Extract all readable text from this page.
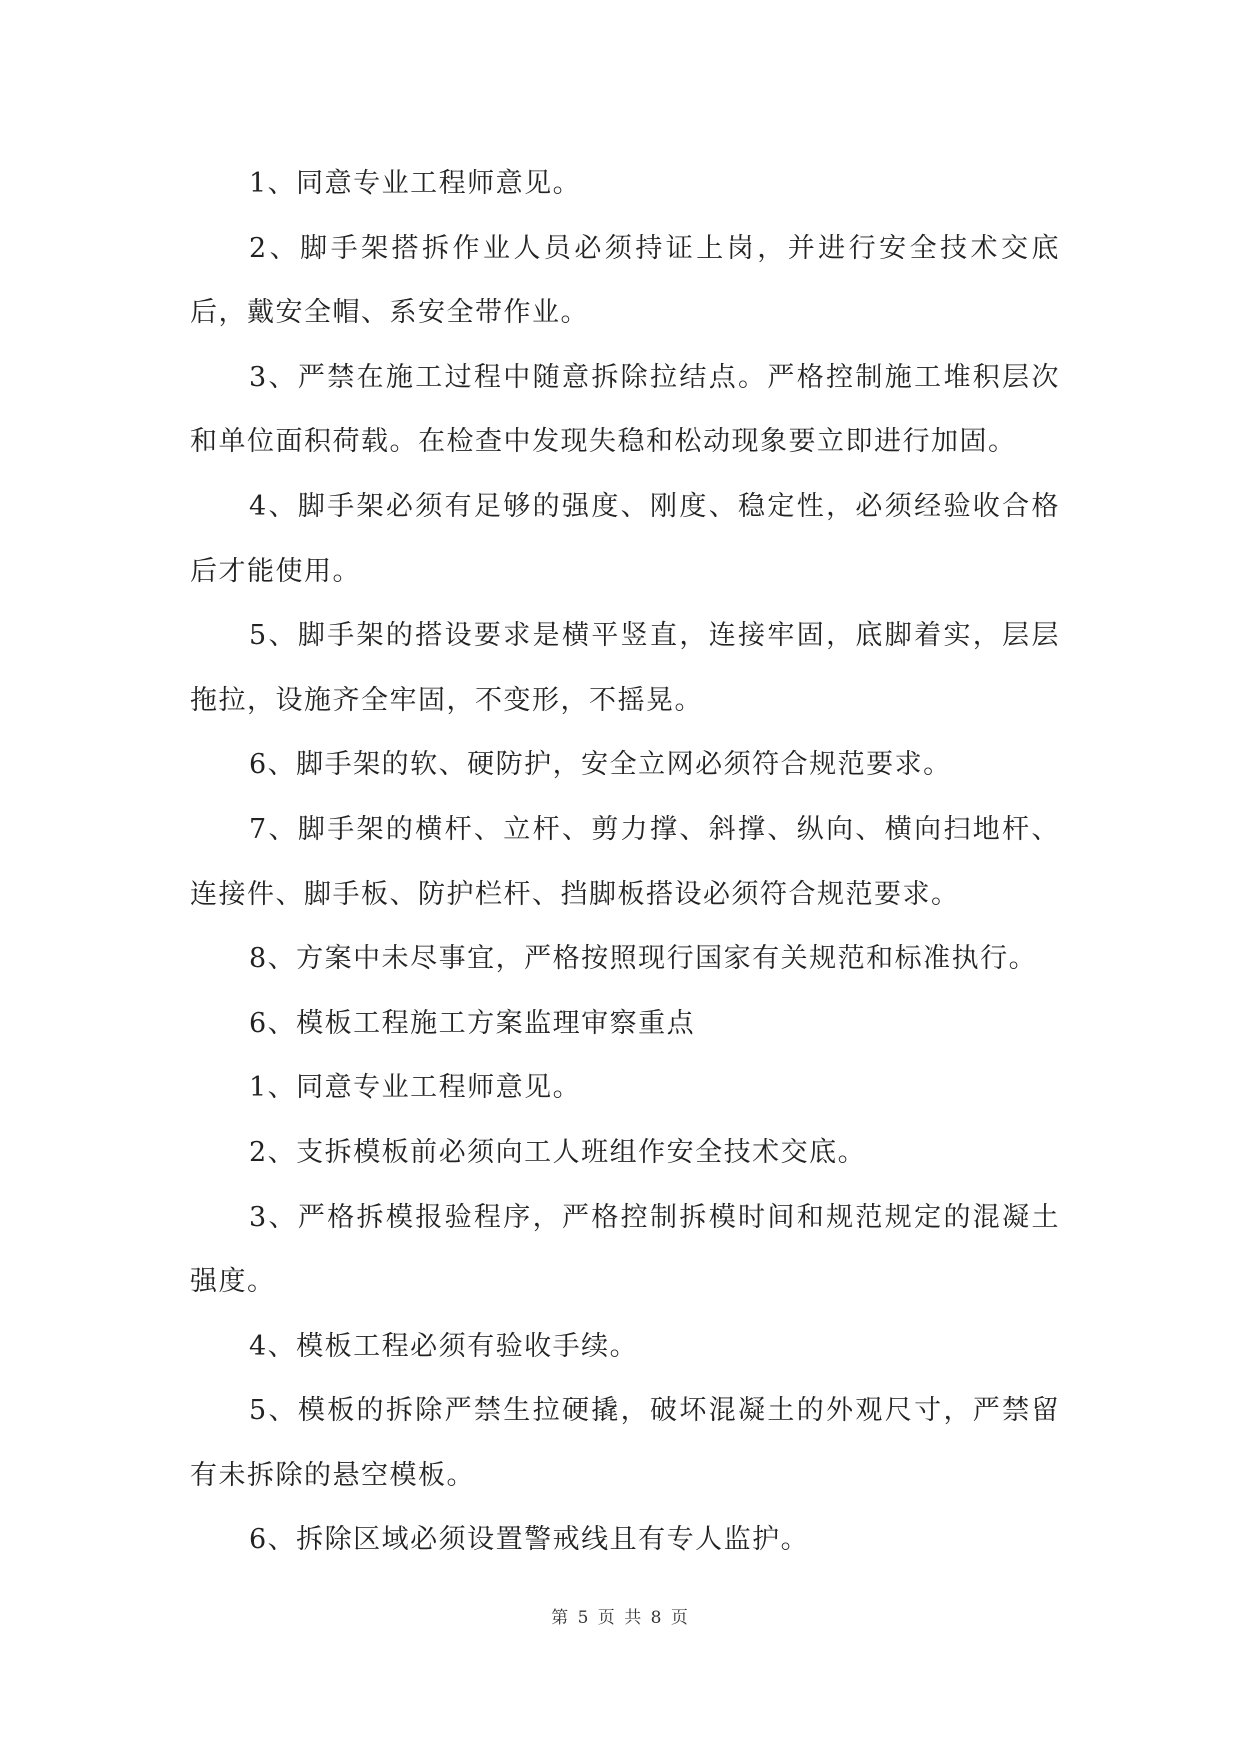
1、同意专业工程师意见。

2、脚手架搭拆作业人员必须持证上岗，并进行安全技术交底后，戴安全帽、系安全带作业。

3、严禁在施工过程中随意拆除拉结点。严格控制施工堆积层次和单位面积荷载。在检查中发现失稳和松动现象要立即进行加固。

4、脚手架必须有足够的强度、刚度、稳定性，必须经验收合格后才能使用。

5、脚手架的搭设要求是横平竖直，连接牢固，底脚着实，层层拖拉，设施齐全牢固，不变形，不摇晃。

6、脚手架的软、硬防护，安全立网必须符合规范要求。

7、脚手架的横杆、立杆、剪力撑、斜撑、纵向、横向扫地杆、连接件、脚手板、防护栏杆、挡脚板搭设必须符合规范要求。

8、方案中未尽事宜，严格按照现行国家有关规范和标准执行。

6、模板工程施工方案监理审察重点

1、同意专业工程师意见。

2、支拆模板前必须向工人班组作安全技术交底。

3、严格拆模报验程序，严格控制拆模时间和规范规定的混凝土强度。

4、模板工程必须有验收手续。

5、模板的拆除严禁生拉硬撬，破坏混凝土的外观尺寸，严禁留有未拆除的悬空模板。

6、拆除区域必须设置警戒线且有专人监护。

第 5 页 共 8 页
